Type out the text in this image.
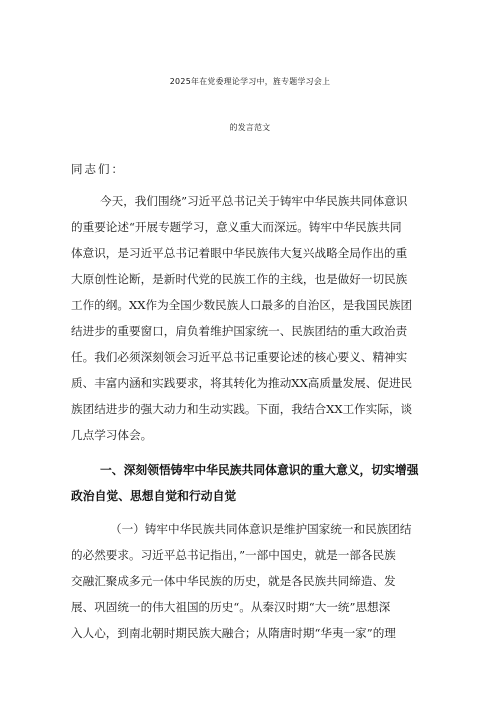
2025年在党委理论学习中，旌专题学习会上
的发言范文
同志们：
今天，我们围绕”习近平总书记关于铸牢中华民族共同体意识
的重要论述“开展专题学习，意义重大而深远。铸牢中华民族共同
体意识，是习近平总书记着眼中华民族伟大复兴战略全局作出的重
大原创性论断，是新时代党的民族工作的主线，也是做好一切民族
工作的纲。XX作为全国少数民族人口最多的自治区，是我国民族团
结进步的重要窗口，肩负着维护国家统一、民族团结的重大政治责
任。我们必须深刻领会习近平总书记重要论述的核心要义、精神实
质、丰富内涵和实践要求，将其转化为推动XX高质量发展、促进民
族团结进步的强大动力和生动实践。下面，我结合XX工作实际，谈
几点学习体会。
一、深刻领悟铸牢中华民族共同体意识的重大意义，切实增强
政治自觉、思想自觉和行动自觉
（一）铸牢中华民族共同体意识是维护国家统一和民族团结
的必然要求。习近平总书记指出，”一部中国史，就是一部各民族
交融汇聚成多元一体中华民族的历史，就是各民族共同缔造、发
展、巩固统一的伟大祖国的历史“。从秦汉时期“大一统”思想深
入人心，到南北朝时期民族大融合；从隋唐时期“华夷一家”的理
